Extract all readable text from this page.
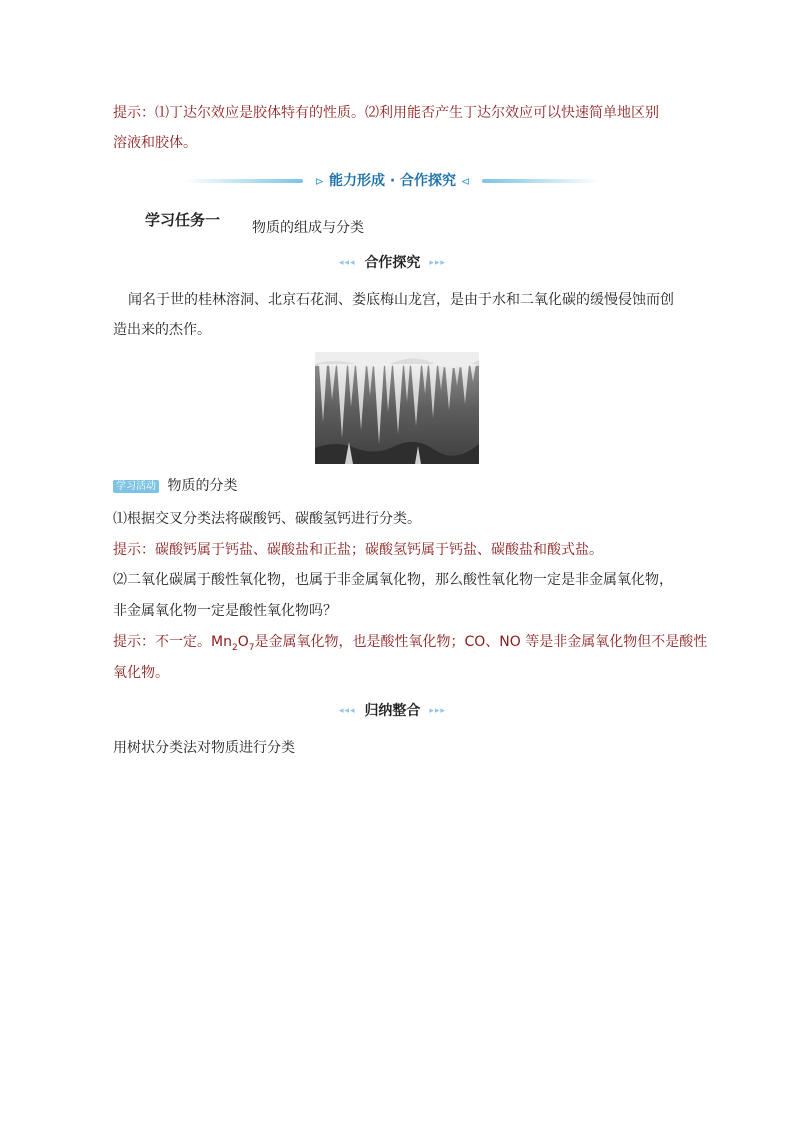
提示：⑴丁达尔效应是胶体特有的性质。⑵利用能否产生丁达尔效应可以快速简单地区别
溶液和胶体。
⊳ 能力形成 · 合作探究 ⊲
学习任务一 物质的组成与分类
◂◂◂ 合作探究 ▸▸▸
闻名于世的桂林溶洞、北京石花洞、娄底梅山龙宫，是由于水和二氧化碳的缓慢侵蚀而创
造出来的杰作。
学习活动 物质的分类
⑴根据交叉分类法将碳酸钙、碳酸氢钙进行分类。
提示：碳酸钙属于钙盐、碳酸盐和正盐；碳酸氢钙属于钙盐、碳酸盐和酸式盐。
⑵二氧化碳属于酸性氧化物，也属于非金属氧化物，那么酸性氧化物一定是非金属氧化物，
非金属氧化物一定是酸性氧化物吗？
提示：不一定。$Mn_2O_7$是金属氧化物，也是酸性氧化物；CO、NO 等是非金属氧化物但不是酸性
氧化物。
◂◂◂ 归纳整合 ▸▸▸
用树状分类法对物质进行分类
